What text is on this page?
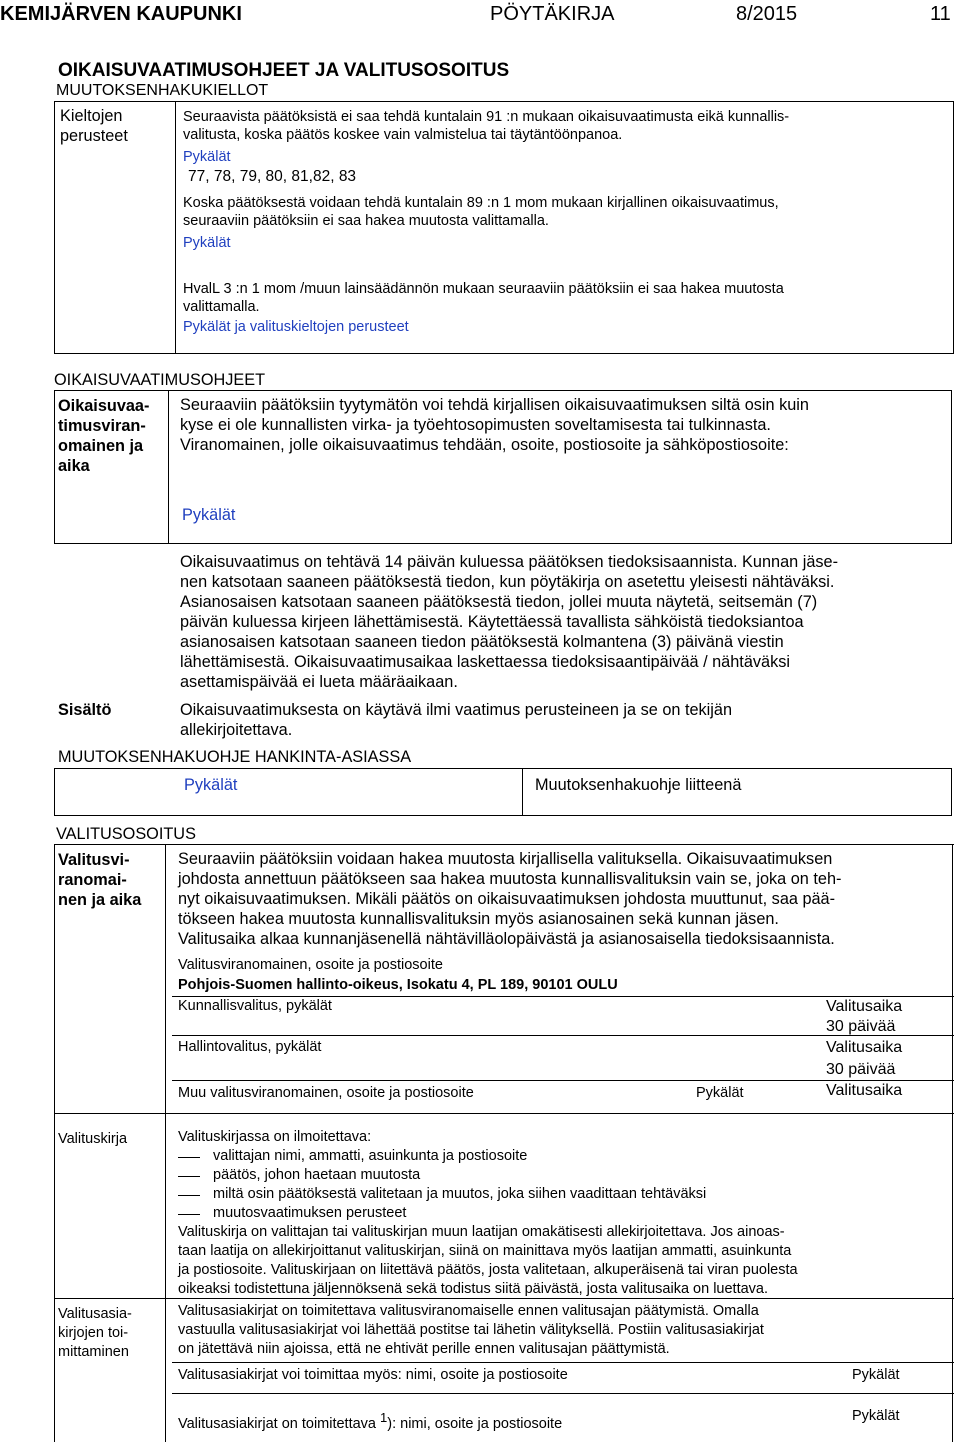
KEMIJÄRVEN KAUPUNKI	PÖYTÄKIRJA	8/2015	11
OIKAISUVAATIMUSOHJEET JA VALITUSOSOITUS
MUUTOKSENHAKUKIELLOT
Kieltojen
perusteet
Seuraavista päätöksistä ei saa tehdä kuntalain 91 :n mukaan oikaisuvaatimusta eikä kunnallis-
valitusta, koska päätös koskee vain valmistelua tai täytäntöönpanoa.
Pykälät
77, 78, 79, 80, 81,82, 83
Koska päätöksestä voidaan tehdä kuntalain 89 :n 1 mom mukaan kirjallinen oikaisuvaatimus,
seuraaviin päätöksiin ei saa hakea muutosta valittamalla.
Pykälät
HvalL 3 :n 1 mom /muun lainsäädännön mukaan seuraaviin päätöksiin ei saa hakea muutosta
valittamalla.
Pykälät ja valituskieltojen perusteet
OIKAISUVAATIMUSOHJEET
Oikaisuvaa-
timusviran-
omainen ja
aika
Seuraaviin päätöksiin tyytymätön voi tehdä kirjallisen oikaisuvaatimuksen siltä osin kuin
kyse ei ole kunnallisten virka- ja työehtosopimusten soveltamisesta tai tulkinnasta.
Viranomainen, jolle oikaisuvaatimus tehdään, osoite, postiosoite ja sähköpostiosoite:
Pykälät
Oikaisuvaatimus on tehtävä 14 päivän kuluessa päätöksen tiedoksisaannista. Kunnan jäse-
nen katsotaan saaneen päätöksestä tiedon, kun pöytäkirja on asetettu yleisesti nähtäväksi.
Asianosaisen katsotaan saaneen päätöksestä tiedon, jollei muuta näytetä, seitsemän (7)
päivän kuluessa kirjeen lähettämisestä. Käytettäessä tavallista sähköistä tiedoksiantoa
asianosaisen katsotaan saaneen tiedon päätöksestä kolmantena (3) päivänä viestin
lähettämisestä. Oikaisuvaatimusaikaa laskettaessa tiedoksisaantipäivää / nähtäväksi
asettamispäivää ei lueta määräaikaan.
Sisältö	Oikaisuvaatimuksesta on käytävä ilmi vaatimus perusteineen ja se on tekijän
allekirjoitettava.
MUUTOKSENHAKUOHJE HANKINTA-ASIASSA
Pykälät	Muutoksenhakuohje liitteenä
VALITUSOSOITUS
Valitusvi-
ranomai-
nen ja aika
Seuraaviin päätöksiin voidaan hakea muutosta kirjallisella valituksella. Oikaisuvaatimuksen
johdosta annettuun päätökseen saa hakea muutosta kunnallisvalituksin vain se, joka on teh-
nyt oikaisuvaatimuksen. Mikäli päätös on oikaisuvaatimuksen johdosta muuttunut, saa pää-
tökseen hakea muutosta kunnallisvalituksin myös asianosainen sekä kunnan jäsen.
Valitusaika alkaa kunnanjäsenellä nähtävilläolopäivästä ja asianosaisella tiedoksisaannista.
Valitusviranomainen, osoite ja postiosoite
Pohjois-Suomen hallinto-oikeus, Isokatu 4, PL 189, 90101 OULU
Kunnallisvalitus, pykälät	Valitusaika
30 päivää
Hallintovalitus, pykälät	Valitusaika
30 päivää
Muu valitusviranomainen, osoite ja postiosoite	Pykälät	Valitusaika
Valituskirja	Valituskirjassa on ilmoitettava:
valittajan nimi, ammatti, asuinkunta ja postiosoite
päätös, johon haetaan muutosta
miltä osin päätöksestä valitetaan ja muutos, joka siihen vaadittaan tehtäväksi
muutosvaatimuksen perusteet
Valituskirja on valittajan tai valituskirjan muun laatijan omakätisesti allekirjoitettava. Jos ainoas-
taan laatija on allekirjoittanut valituskirjan, siinä on mainittava myös laatijan ammatti, asuinkunta
ja postiosoite. Valituskirjaan on liitettävä päätös, josta valitetaan, alkuperäisenä tai viran puolesta
oikeaksi todistettuna jäljennöksenä sekä todistus siitä päivästä, josta valitusaika on luettava.
Valitusasia-
kirjojen toi-
mittaminen
Valitusasiakirjat on toimitettava valitusviranomaiselle ennen valitusajan päätymistä. Omalla
vastuulla valitusasiakirjat voi lähettää postitse tai lähetin välityksellä. Postiin valitusasiakirjat
on jätettävä niin ajoissa, että ne ehtivät perille ennen valitusajan päättymistä.
Valitusasiakirjat voi toimittaa myös: nimi, osoite ja postiosoite	Pykälät
Valitusasiakirjat on toimitettava $^1$): nimi, osoite ja postiosoite	Pykälät
